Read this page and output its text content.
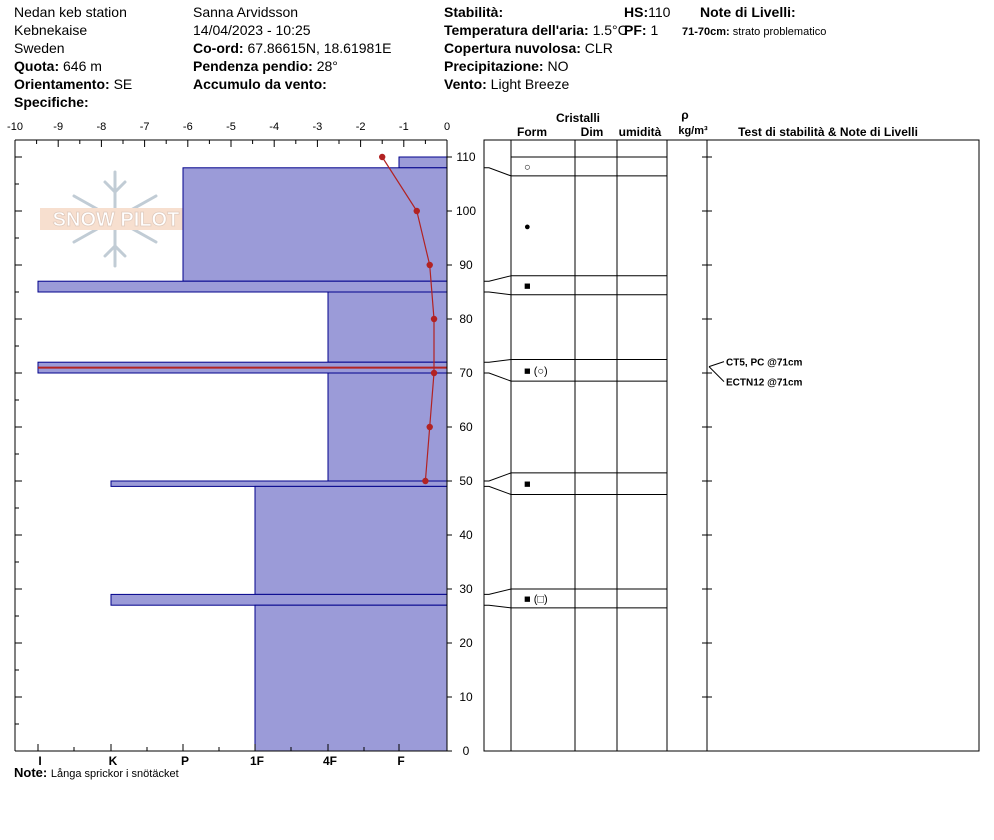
Nedan keb station
Kebnekaise
Sweden
Quota: 646 m
Orientamento: SE
Specifiche:
Sanna Arvidsson
14/04/2023 - 10:25
Co-ord: 67.86615N, 18.61981E
Pendenza pendio: 28°
Accumulo da vento:
Stabilità:
Temperatura dell'aria: 1.5°C
Copertura nuvolosa: CLR
Precipitazione: NO
Vento: Light Breeze
HS:110
PF: 1
Note di Livelli:
71-70cm: strato problematico
Note: Långa sprickor i snötäcket
SNOW PILOT
-10	-9	-8	-7	-6	-5	-4	-3	-2	-1	0
0
10
20
30
40
50
60
70
80
90
100
110
I	K	P	1F	4F	F
Cristalli
Form	Dim umidità
ρ
kg/m³	Test di stabilità & Note di Livelli
○
●
■
■ (○)
■
■ (□)
CT5, PC @71cm
ECTN12 @71cm
